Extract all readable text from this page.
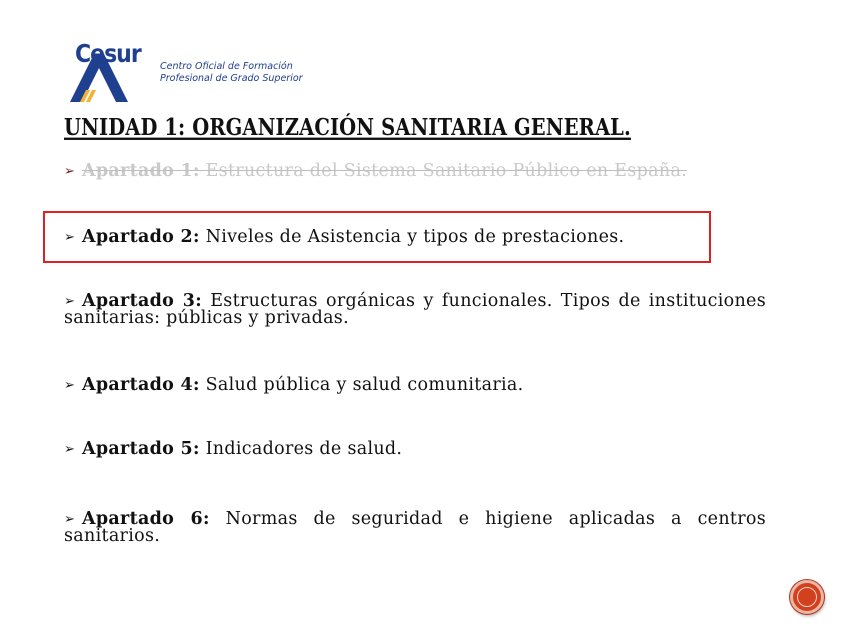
Cesur Centro Oficial de Formación
Profesional de Grado Superior
UNIDAD 1: ORGANIZACIÓN SANITARIA GENERAL.

➢ Apartado 1: Estructura del Sistema Sanitario Público en España.

➢ Apartado 2: Niveles de Asistencia y tipos de prestaciones.

➢ Apartado 3: Estructuras orgánicas y funcionales. Tipos de instituciones sanitarias: públicas y privadas.

➢ Apartado 4: Salud pública y salud comunitaria.

➢ Apartado 5: Indicadores de salud.

➢ Apartado 6: Normas de seguridad e higiene aplicadas a centros sanitarios.
